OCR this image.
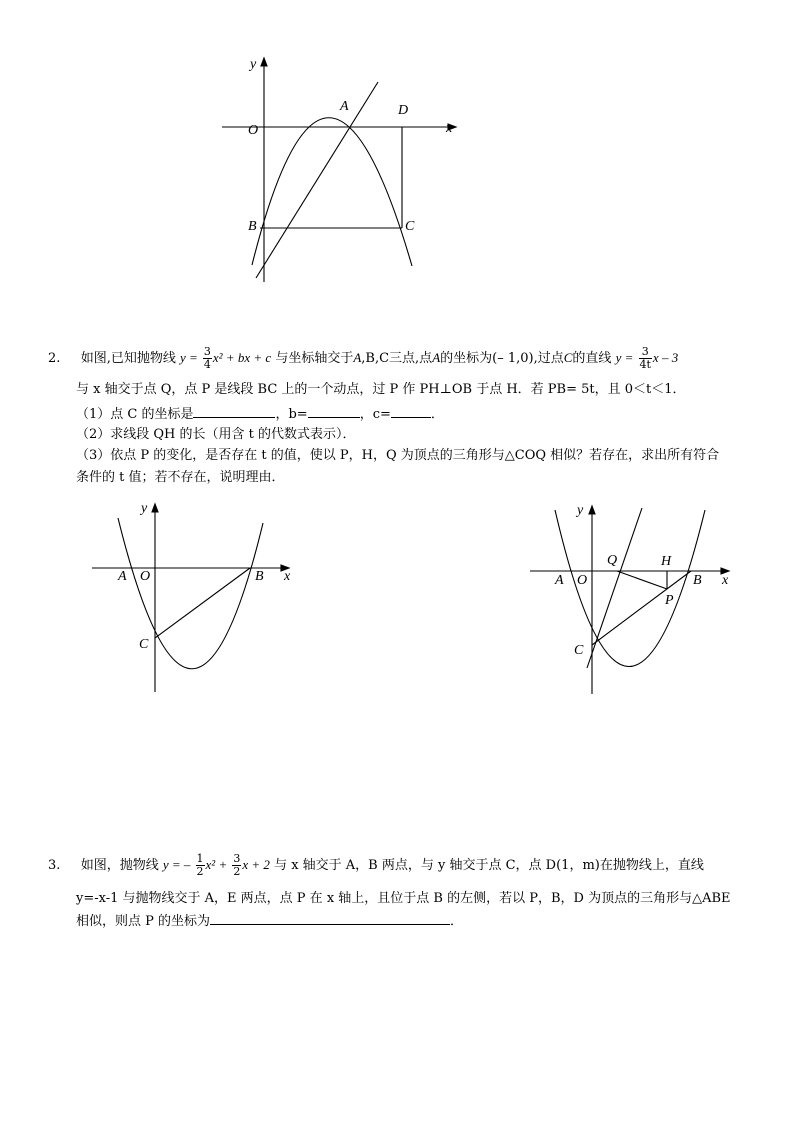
y
x
O
A	D
B	C
2. 如图,已知抛物线 $y = \frac{3}{4} x^2$ + bx + c 与坐标轴交于A,B,C三点,点A的坐标为(– 1,0),过点C的直线 $y = \frac{3}{4t}$ x – 3
与 x 轴交于点 Q，点 P 是线段 BC 上的一个动点，过 P 作 PH⊥OB 于点 H．若 PB= 5t，且 0＜t＜1．
（1）点 C 的坐标是	，b=	，c=	．
（2）求线段 QH 的长（用含 t 的代数式表示）．
（3）依点 P 的变化，是否存在 t 的值，使以 P，H，Q 为顶点的三角形与△COQ 相似？若存在，求出所有符合
条件的 t 值；若不存在，说明理由．
y
x
A O	B
C
y
x
A O	B
C
Q	H
P
3. 如图，抛物线 y = – $\frac{1}{2} x^2 + \frac{3}{2}$ x + 2 与 x 轴交于 A，B 两点，与 y 轴交于点 C，点 D(1，m)在抛物线上，直线
y=-x-1 与抛物线交于 A，E 两点，点 P 在 x 轴上，且位于点 B 的左侧，若以 P，B，D 为顶点的三角形与△ABE
相似，则点 P 的坐标为	．
